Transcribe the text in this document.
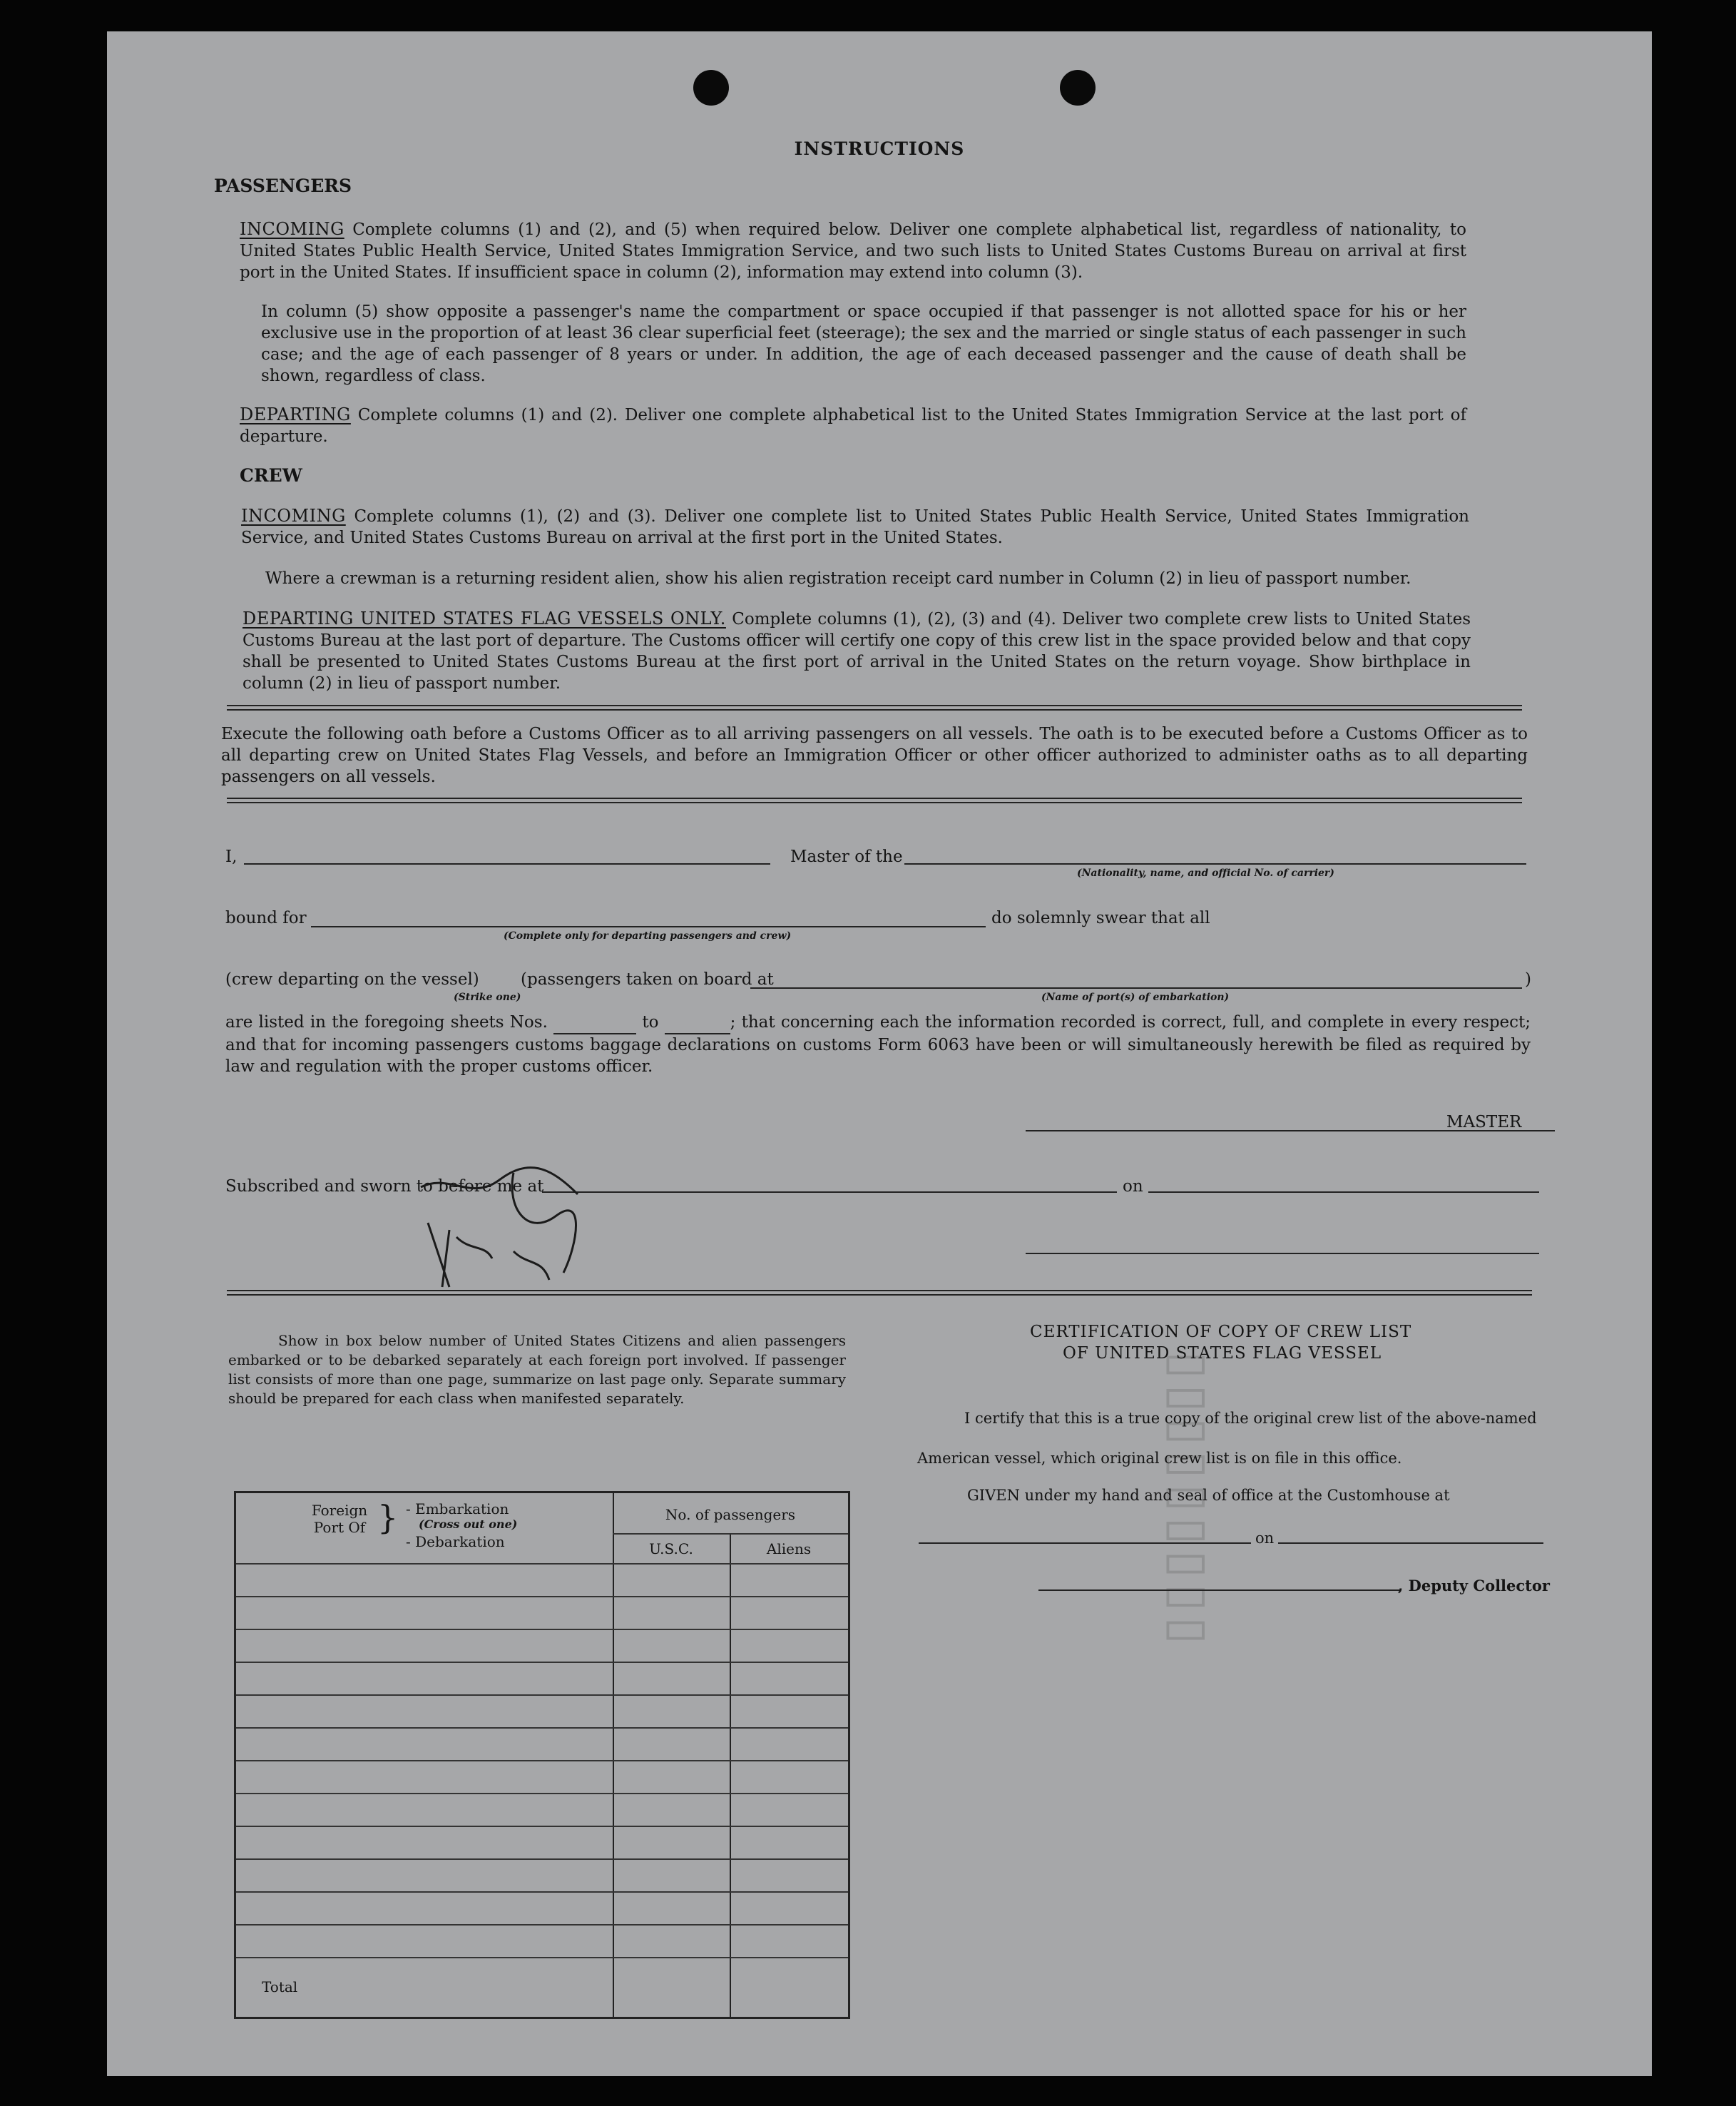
▯▯▯▯▯▯▯▯▯
INSTRUCTIONS
PASSENGERS
INCOMING Complete columns (1) and (2), and (5) when required below. Deliver one complete alphabetical list, regardless of nationality, to United States Public Health Service, United States Immigration Service, and two such lists to United States Customs Bureau on arrival at first port in the United States. If insufficient space in column (2), information may extend into column (3).
In column (5) show opposite a passenger's name the compartment or space occupied if that passenger is not allotted space for his or her exclusive use in the proportion of at least 36 clear superficial feet (steerage); the sex and the married or single status of each passenger in such case; and the age of each passenger of 8 years or under. In addition, the age of each deceased passenger and the cause of death shall be shown, regardless of class.
DEPARTING Complete columns (1) and (2). Deliver one complete alphabetical list to the United States Immigration Service at the last port of departure.
CREW
INCOMING Complete columns (1), (2) and (3). Deliver one complete list to United States Public Health Service, United States Immigration Service, and United States Customs Bureau on arrival at the first port in the United States.
Where a crewman is a returning resident alien, show his alien registration receipt card number in Column (2) in lieu of passport number.
DEPARTING UNITED STATES FLAG VESSELS ONLY. Complete columns (1), (2), (3) and (4). Deliver two complete crew lists to United States Customs Bureau at the last port of departure. The Customs officer will certify one copy of this crew list in the space provided below and that copy shall be presented to United States Customs Bureau at the first port of arrival in the United States on the return voyage. Show birthplace in column (2) in lieu of passport number.
Execute the following oath before a Customs Officer as to all arriving passengers on all vessels. The oath is to be executed before a Customs Officer as to all departing crew on United States Flag Vessels, and before an Immigration Officer or other officer authorized to administer oaths as to all departing passengers on all vessels.
I,	Master of the
(Nationality, name, and official No. of carrier)
bound for
(Complete only for departing passengers and crew)
do solemnly swear that all
(crew departing on the vessel)	(passengers taken on board at	)
(Strike one)	(Name of port(s) of embarkation)
are listed in the foregoing sheets Nos.	to	; that concerning each the information recorded is correct, full, and complete in every respect; and that for incoming passengers customs baggage declarations on customs Form 6063 have been or will simultaneously herewith be filed as required by law and regulation with the proper customs officer.
MASTER
Subscribed and sworn to before me at	on
Show in box below number of United States Citizens and alien passengers embarked or to be debarked separately at each foreign port involved. If passenger list consists of more than one page, summarize on last page only. Separate summary should be prepared for each class when manifested separately.
Foreign Port Of } - Embarkation
(Cross out one)
- Debarkation
No. of passengers
U.S.C.	Aliens
Total
CERTIFICATION OF COPY OF CREW LIST
OF UNITED STATES FLAG VESSEL
I certify that this is a true copy of the original crew list of the above-named
American vessel, which original crew list is on file in this office.
GIVEN under my hand and seal of office at the Customhouse at
on
, Deputy Collector
